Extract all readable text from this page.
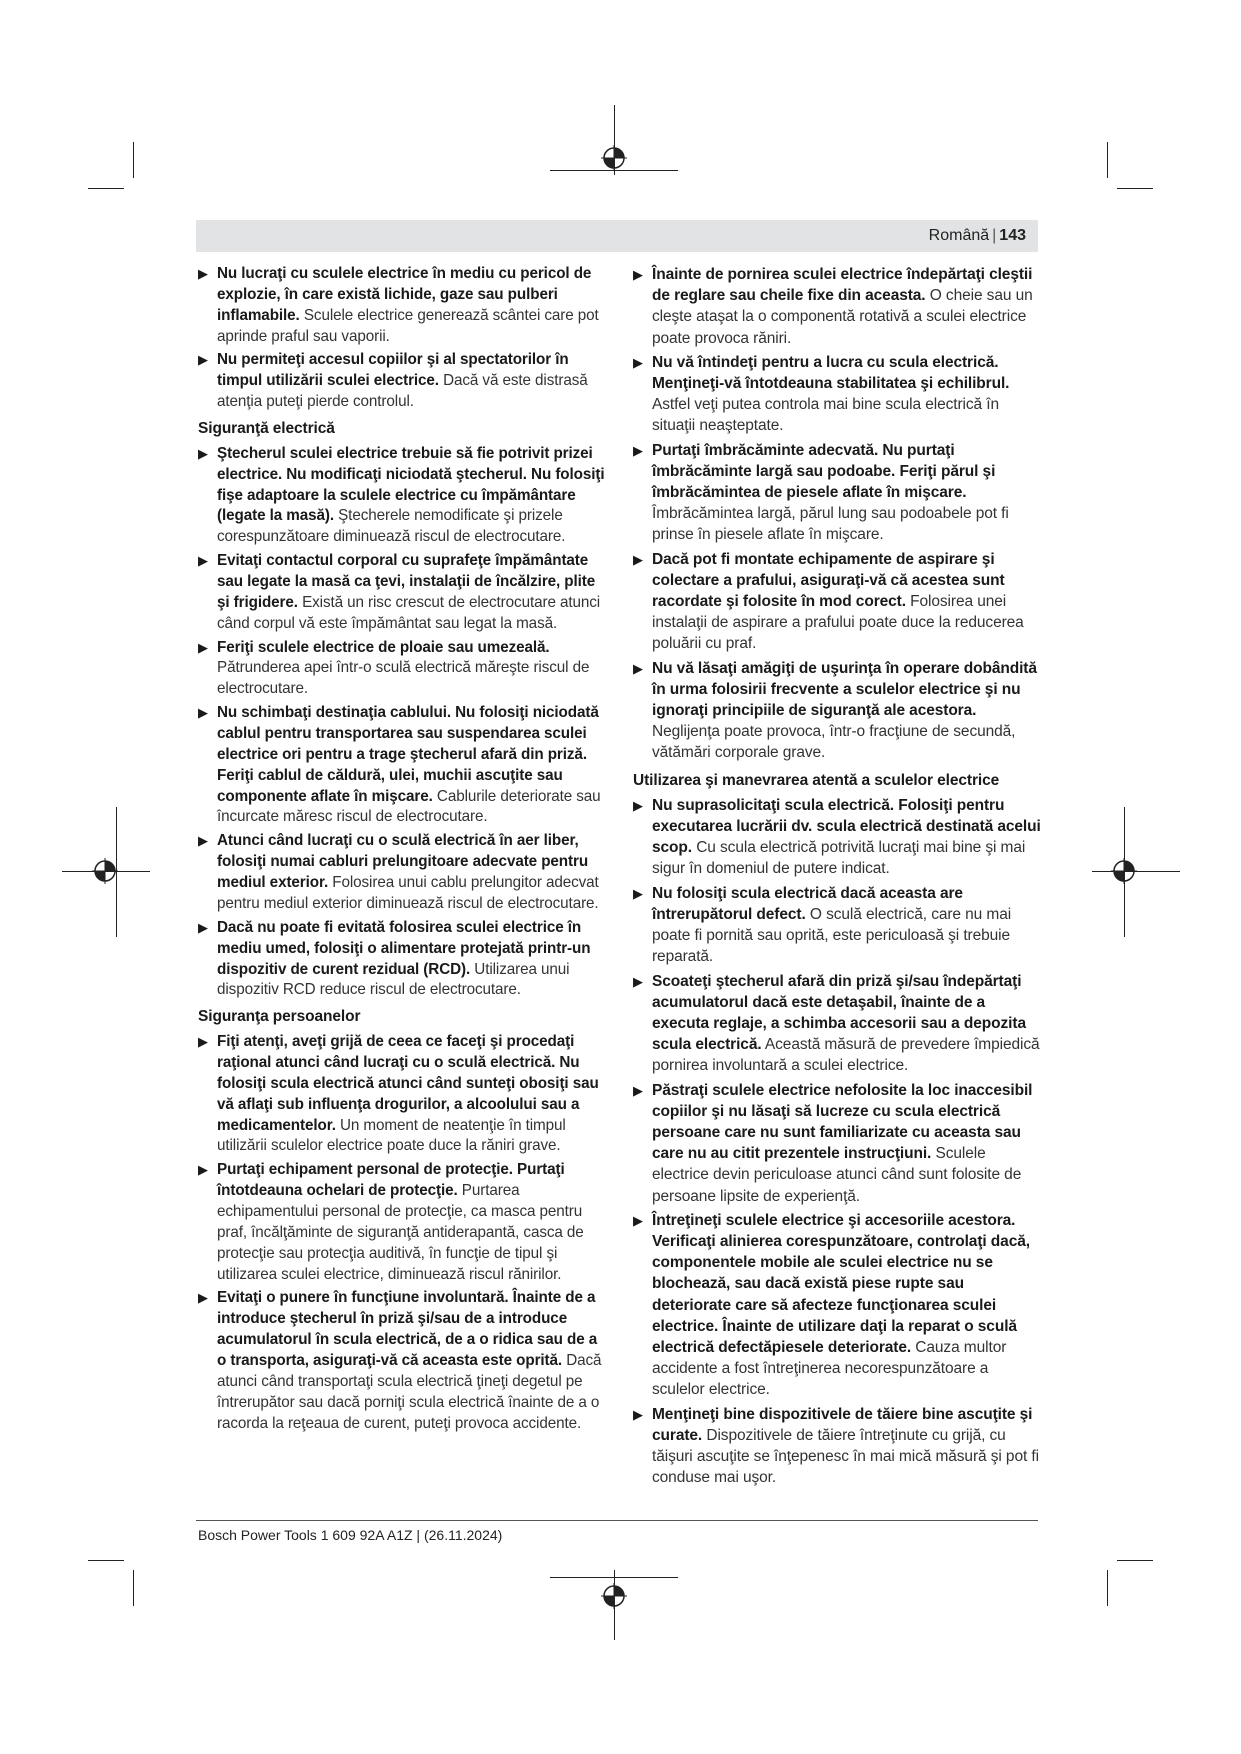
Română | 143
▶ Nu lucraţi cu sculele electrice în mediu cu pericol de explozie, în care există lichide, gaze sau pulberi inflamabile. Sculele electrice generează scântei care pot aprinde praful sau vaporii.
▶ Nu permiteţi accesul copiilor şi al spectatorilor în timpul utilizării sculei electrice. Dacă vă este distrasă atenţia puteţi pierde controlul.
Siguranţă electrică
▶ Ştecherul sculei electrice trebuie să fie potrivit prizei electrice. Nu modificaţi niciodată ştecherul. Nu folosiţi fişe adaptoare la sculele electrice cu împământare (legate la masă). Ştecherele nemodificate şi prizele corespunzătoare diminuează riscul de electrocutare.
▶ Evitaţi contactul corporal cu suprafeţe împământate sau legate la masă ca ţevi, instalaţii de încălzire, plite şi frigidere. Există un risc crescut de electrocutare atunci când corpul vă este împământat sau legat la masă.
▶ Feriţi sculele electrice de ploaie sau umezeală. Pătrunderea apei într-o sculă electrică măreşte riscul de electrocutare.
▶ Nu schimbaţi destinaţia cablului. Nu folosiţi niciodată cablul pentru transportarea sau suspendarea sculei electrice ori pentru a trage ştecherul afară din priză. Feriţi cablul de căldură, ulei, muchii ascuţite sau componente aflate în mişcare. Cablurile deteriorate sau încurcate măresc riscul de electrocutare.
▶ Atunci când lucraţi cu o sculă electrică în aer liber, folosiţi numai cabluri prelungitoare adecvate pentru mediul exterior. Folosirea unui cablu prelungitor adecvat pentru mediul exterior diminuează riscul de electrocutare.
▶ Dacă nu poate fi evitată folosirea sculei electrice în mediu umed, folosiţi o alimentare protejată printr-un dispozitiv de curent rezidual (RCD). Utilizarea unui dispozitiv RCD reduce riscul de electrocutare.
Siguranţa persoanelor
▶ Fiţi atenţi, aveţi grijă de ceea ce faceţi şi procedaţi raţional atunci când lucraţi cu o sculă electrică. Nu folosiţi scula electrică atunci când sunteţi obosiţi sau vă aflaţi sub influenţa drogurilor, a alcoolului sau a medicamentelor. Un moment de neatenţie în timpul utilizării sculelor electrice poate duce la răniri grave.
▶ Purtaţi echipament personal de protecţie. Purtaţi întotdeauna ochelari de protecţie. Purtarea echipamentului personal de protecţie, ca masca pentru praf, încălţăminte de siguranţă antiderapantă, casca de protecţie sau protecţia auditivă, în funcţie de tipul şi utilizarea sculei electrice, diminuează riscul rănirilor.
▶ Evitaţi o punere în funcţiune involuntară. Înainte de a introduce ştecherul în priză şi/sau de a introduce acumulatorul în scula electrică, de a o ridica sau de a o transporta, asiguraţi-vă că aceasta este oprită. Dacă atunci când transportaţi scula electrică ţineţi degetul pe întrerupător sau dacă porniţi scula electrică înainte de a o racorda la reţeaua de curent, puteţi provoca accidente.
▶ Înainte de pornirea sculei electrice îndepărtaţi cleştii de reglare sau cheile fixe din aceasta. O cheie sau un cleşte ataşat la o componentă rotativă a sculei electrice poate provoca răniri.
▶ Nu vă întindeţi pentru a lucra cu scula electrică. Menţineţi-vă întotdeauna stabilitatea şi echilibrul. Astfel veţi putea controla mai bine scula electrică în situaţii neaşteptate.
▶ Purtaţi îmbrăcăminte adecvată. Nu purtaţi îmbrăcăminte largă sau podoabe. Feriţi părul şi îmbrăcămintea de piesele aflate în mişcare. Îmbrăcămintea largă, părul lung sau podoabele pot fi prinse în piesele aflate în mişcare.
▶ Dacă pot fi montate echipamente de aspirare şi colectare a prafului, asiguraţi-vă că acestea sunt racordate şi folosite în mod corect. Folosirea unei instalaţii de aspirare a prafului poate duce la reducerea poluării cu praf.
▶ Nu vă lăsaţi amăgiţi de uşurinţa în operare dobândită în urma folosirii frecvente a sculelor electrice şi nu ignoraţi principiile de siguranţă ale acestora. Neglijenţa poate provoca, într-o fracţiune de secundă, vătămări corporale grave.
Utilizarea şi manevrarea atentă a sculelor electrice
▶ Nu suprasolicitaţi scula electrică. Folosiţi pentru executarea lucrării dv. scula electrică destinată acelui scop. Cu scula electrică potrivită lucraţi mai bine şi mai sigur în domeniul de putere indicat.
▶ Nu folosiţi scula electrică dacă aceasta are întrerupătorul defect. O sculă electrică, care nu mai poate fi pornită sau oprită, este periculoasă şi trebuie reparată.
▶ Scoateţi ştecherul afară din priză şi/sau îndepărtaţi acumulatorul dacă este detaşabil, înainte de a executa reglaje, a schimba accesorii sau a depozita scula electrică. Această măsură de prevedere împiedică pornirea involuntară a sculei electrice.
▶ Păstraţi sculele electrice nefolosite la loc inaccesibil copiilor şi nu lăsaţi să lucreze cu scula electrică persoane care nu sunt familiarizate cu aceasta sau care nu au citit prezentele instrucţiuni. Sculele electrice devin periculoase atunci când sunt folosite de persoane lipsite de experienţă.
▶ Întreţineţi sculele electrice şi accesoriile acestora. Verificaţi alinierea corespunzătoare, controlaţi dacă, componentele mobile ale sculei electrice nu se blochează, sau dacă există piese rupte sau deteriorate care să afecteze funcţionarea sculei electrice. Înainte de utilizare daţi la reparat o sculă electrică defectăpiesele deteriorate. Cauza multor accidente a fost întreţinerea necorespunzătoare a sculelor electrice.
▶ Menţineţi bine dispozitivele de tăiere bine ascuţite şi curate. Dispozitivele de tăiere întreţinute cu grijă, cu tăişuri ascuţite se înţepenesc în mai mică măsură şi pot fi conduse mai uşor.
Bosch Power Tools 1 609 92A A1Z | (26.11.2024)
